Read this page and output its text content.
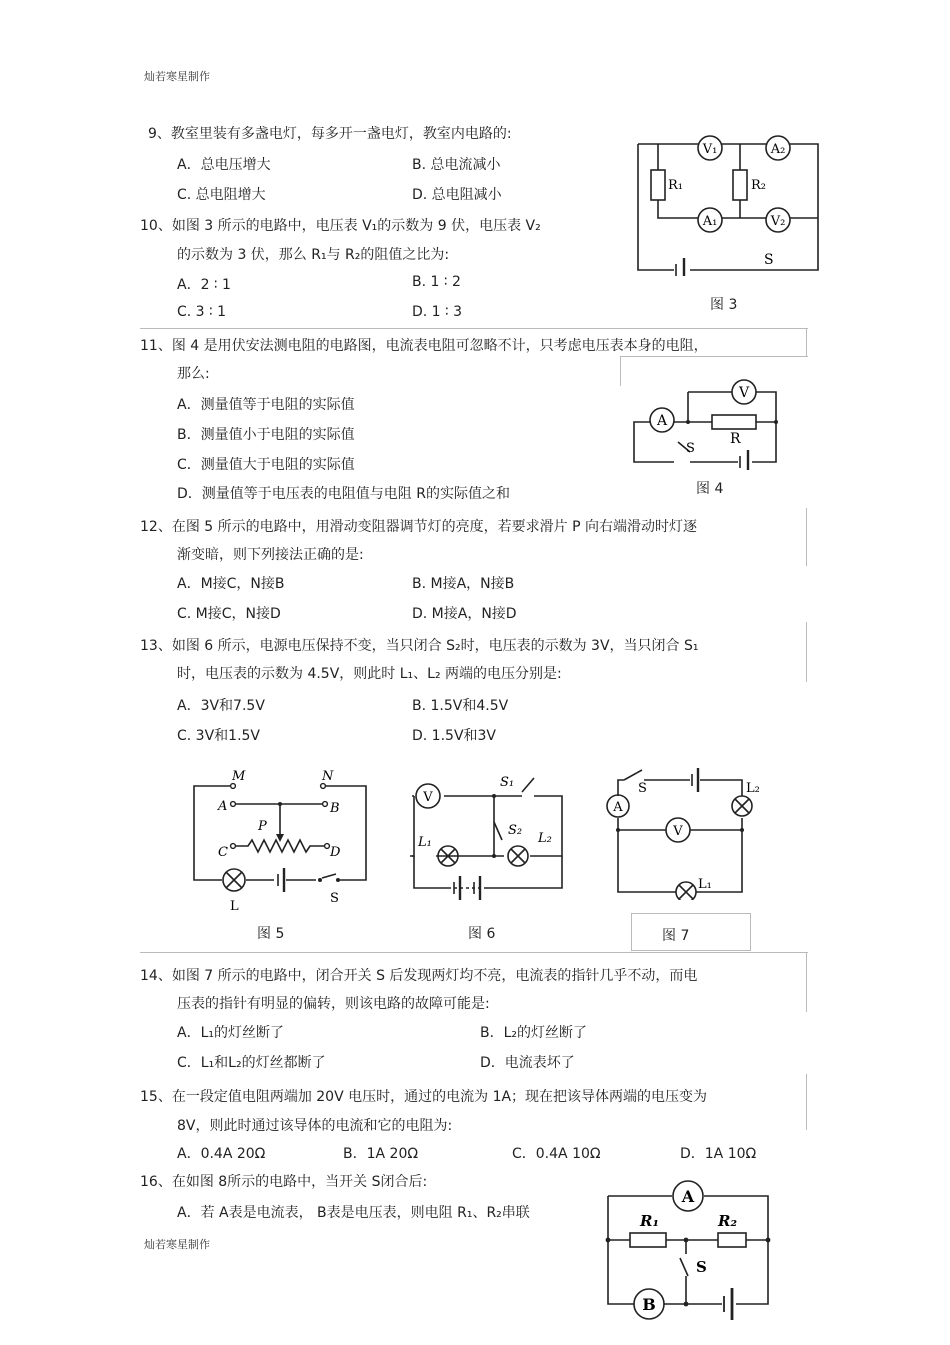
灿若寒星制作
灿若寒星制作
9、教室里装有多盏电灯，每多开一盏电灯，教室内电路的:
A．总电压增大	B. 总电流减小
C. 总电阻增大	D. 总电阻减小
10、如图 3 所示的电路中，电压表 V₁的示数为 9 伏，电压表 V₂
的示数为 3 伏，那么 R₁与 R₂的阻值之比为:
A．2 ∶ 1	B. 1 ∶ 2
C. 3 ∶ 1	D. 1 ∶ 3
V₁	A₂
R₁	R₂
A₁	V₂
S
图 3
11、图 4 是用伏安法测电阻的电路图，电流表电阻可忽略不计，只考虑电压表本身的电阻，
那么:
A．测量值等于电阻的实际值
B．测量值小于电阻的实际值
C．测量值大于电阻的实际值
D．测量值等于电压表的电阻值与电阻 R的实际值之和
V
A
R
S
图 4
12、在图 5 所示的电路中，用滑动变阻器调节灯的亮度，若要求滑片 P 向右端滑动时灯逐
渐变暗，则下列接法正确的是:
A．M接C，N接B	B. M接A，N接B
C. M接C，N接D	D. M接A，N接D
13、如图 6 所示，电源电压保持不变，当只闭合 S₂时，电压表的示数为 3V，当只闭合 S₁
时，电压表的示数为 4.5V，则此时 L₁、L₂ 两端的电压分别是:
A．3V和7.5V	B. 1.5V和4.5V
C. 3V和1.5V	D. 1.5V和3V
M	N
A	B
P
C	D
L
S
图 5
V
S₁
S₂
L₁	L₂
图 6
S	L₂
A
V
L₁
图 7
14、如图 7 所示的电路中，闭合开关 S 后发现两灯均不亮，电流表的指针几乎不动，而电
压表的指针有明显的偏转，则该电路的故障可能是:
A．L₁的灯丝断了	B．L₂的灯丝断了
C．L₁和L₂的灯丝都断了	D．电流表坏了
15、在一段定值电阻两端加 20V 电压时，通过的电流为 1A；现在把该导体两端的电压变为
8V，则此时通过该导体的电流和它的电阻为:
A．0.4A 20Ω	B．1A 20Ω	C．0.4A 10Ω	D．1A 10Ω
16、在如图 8所示的电路中，当开关 S闭合后:
A．若 A表是电流表， B表是电压表，则电阻 R₁、R₂串联
A
R₁	R₂
S
B
